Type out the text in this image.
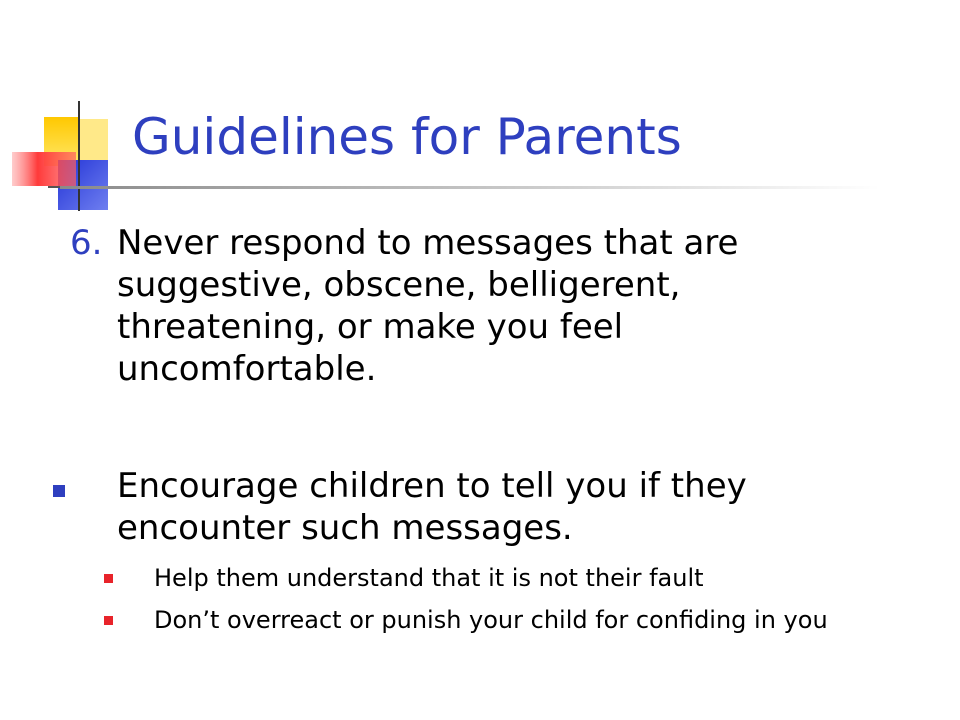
Guidelines for Parents
6. Never respond to messages that are suggestive, obscene, belligerent, threatening, or make you feel uncomfortable.
Encourage children to tell you if they encounter such messages.
Help them understand that it is not their fault
Don’t overreact or punish your child for confiding in you
